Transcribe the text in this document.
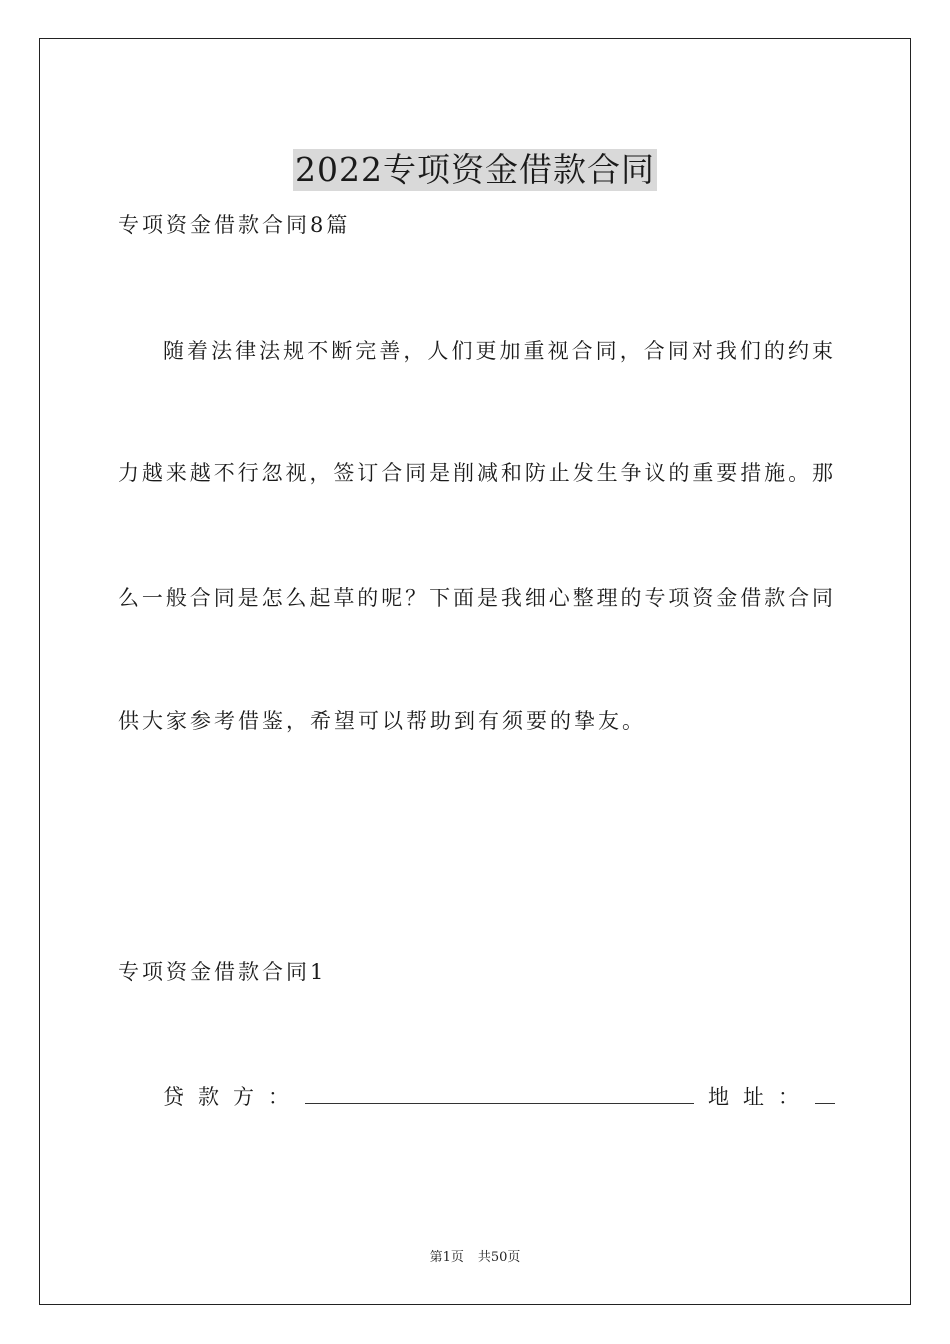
2022专项资金借款合同
专项资金借款合同8篇
随着法律法规不断完善，人们更加重视合同，合同对我们的约束
力越来越不行忽视，签订合同是削减和防止发生争议的重要措施。那
么一般合同是怎么起草的呢？下面是我细心整理的专项资金借款合同
供大家参考借鉴，希望可以帮助到有须要的挚友。
专项资金借款合同1
贷款方：	地址：
第1页 共50页
